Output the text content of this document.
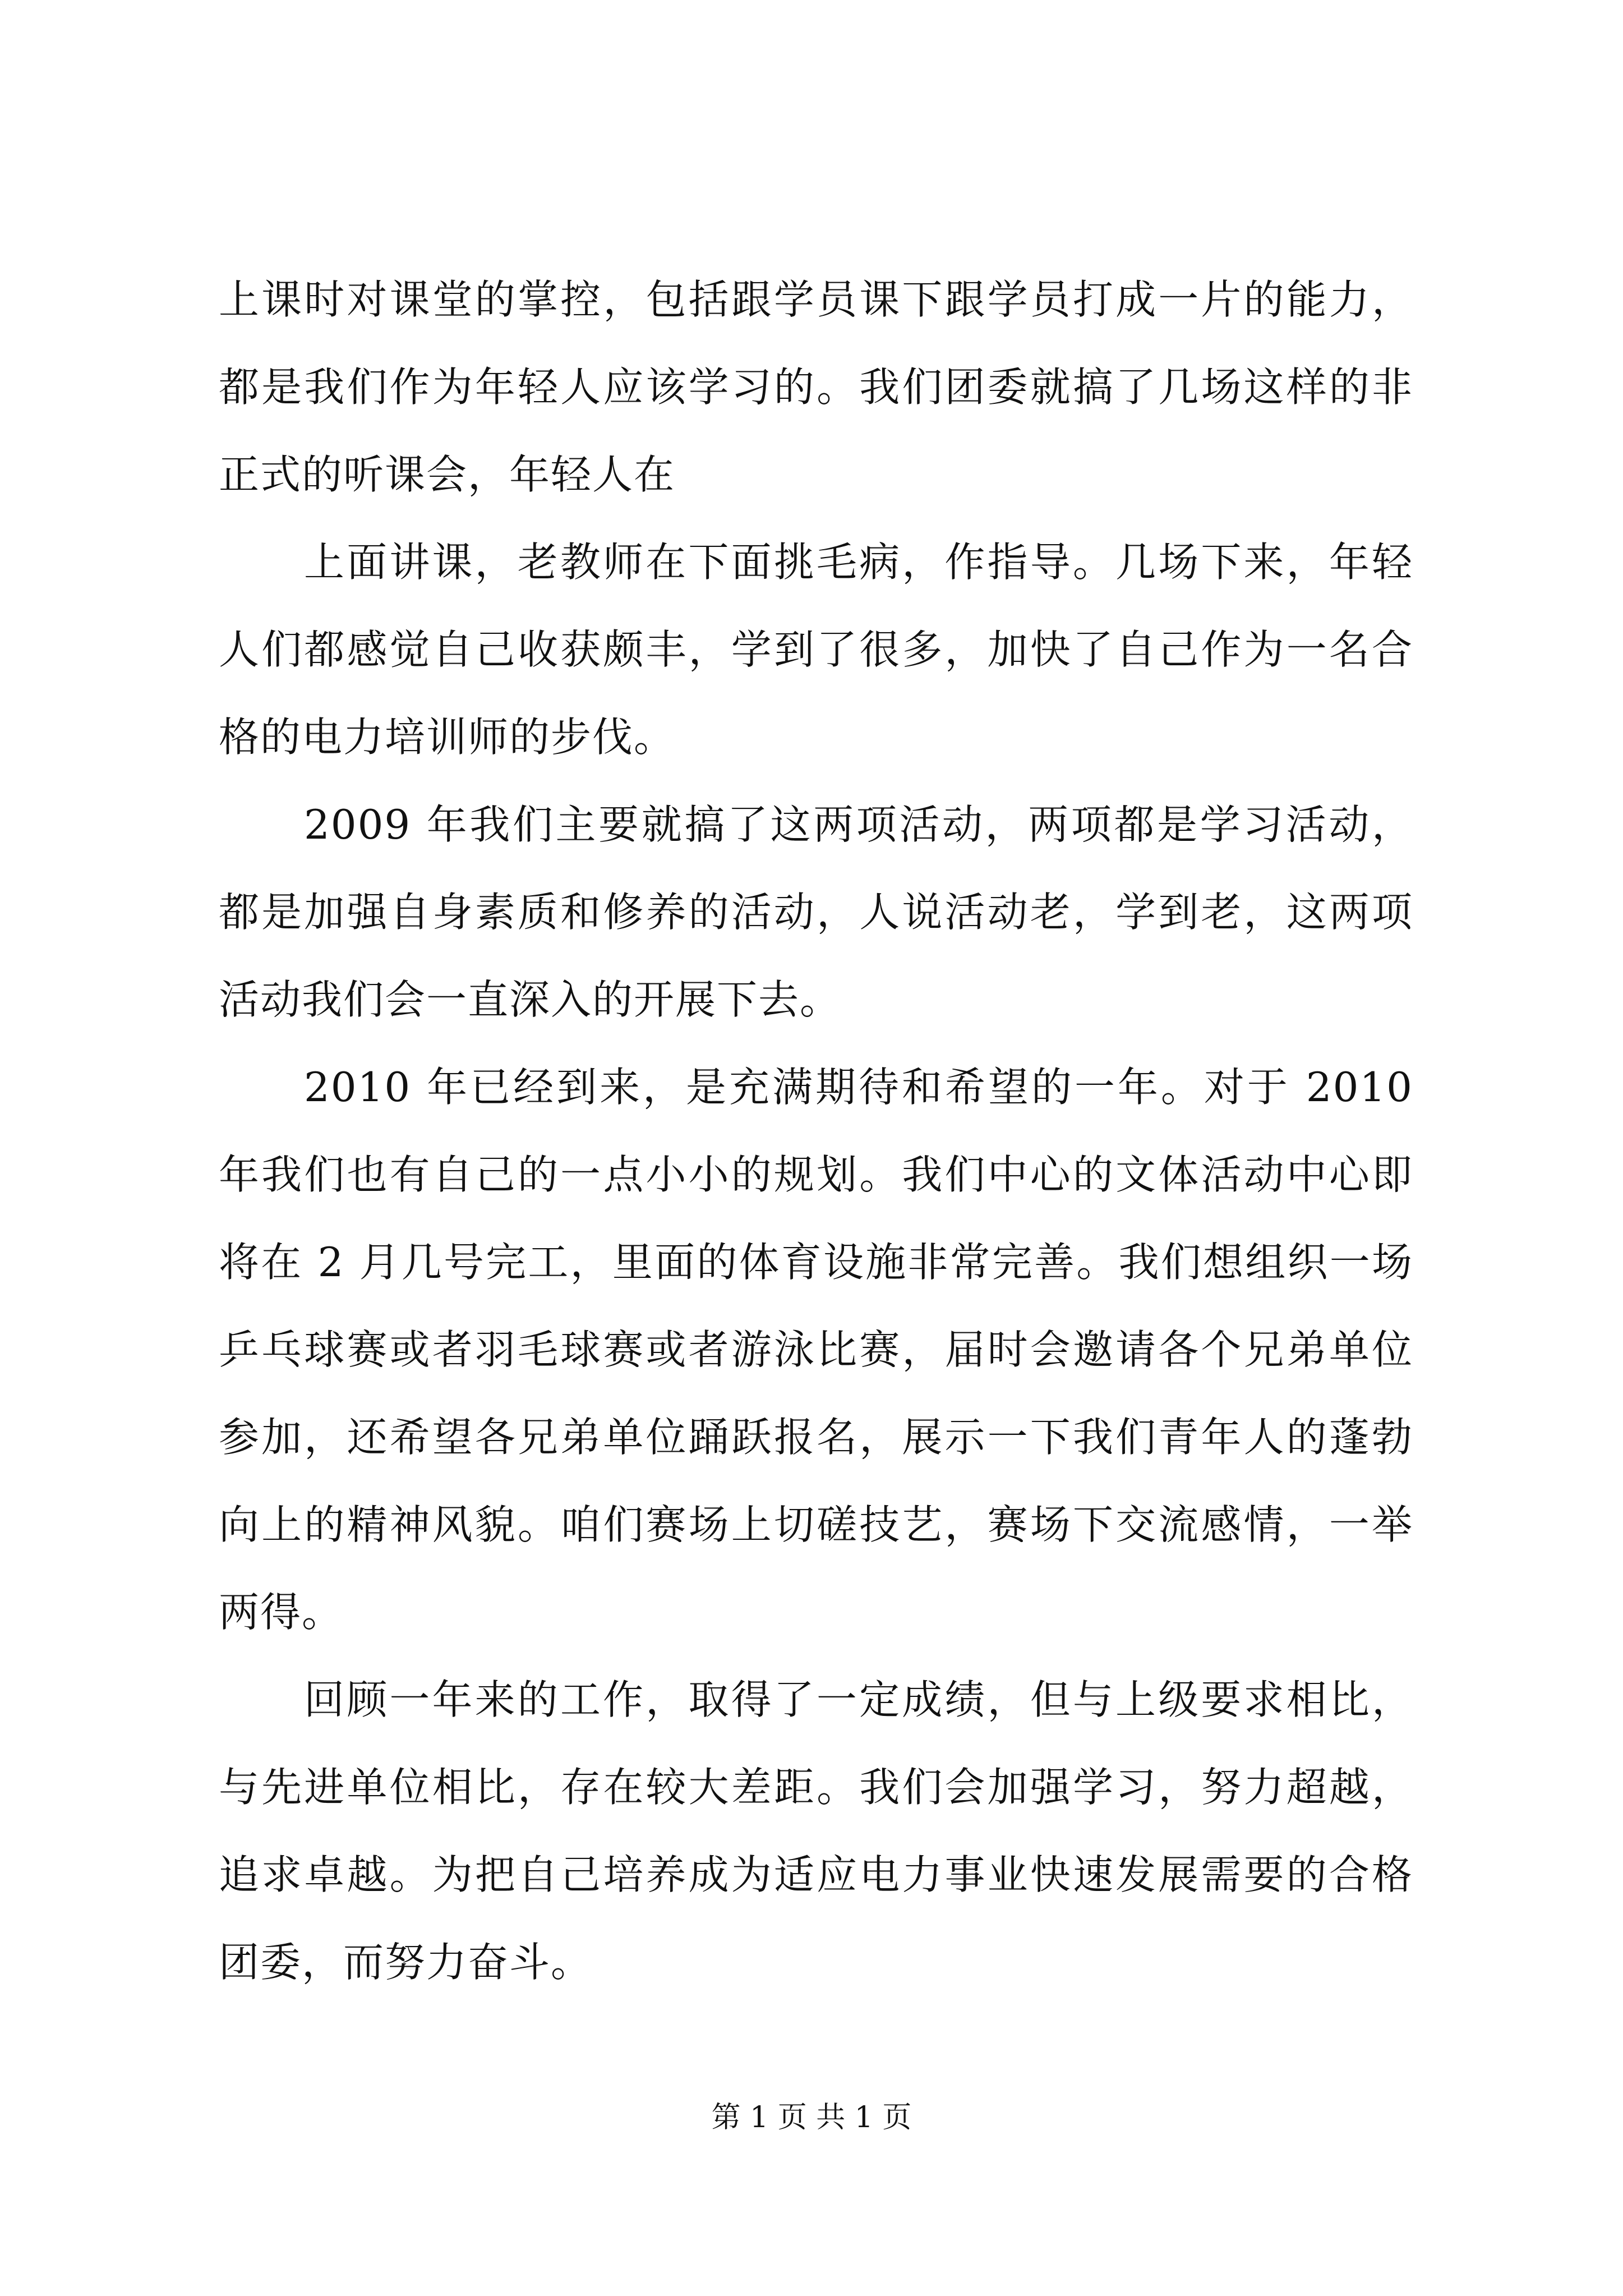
上课时对课堂的掌控，包括跟学员课下跟学员打成一片的能力，都是我们作为年轻人应该学习的。我们团委就搞了几场这样的非正式的听课会，年轻人在

上面讲课，老教师在下面挑毛病，作指导。几场下来，年轻人们都感觉自己收获颇丰，学到了很多，加快了自己作为一名合格的电力培训师的步伐。

2009 年我们主要就搞了这两项活动，两项都是学习活动，都是加强自身素质和修养的活动，人说活动老，学到老，这两项活动我们会一直深入的开展下去。

2010 年已经到来，是充满期待和希望的一年。对于 2010 年我们也有自己的一点小小的规划。我们中心的文体活动中心即将在 2 月几号完工，里面的体育设施非常完善。我们想组织一场乒乓球赛或者羽毛球赛或者游泳比赛，届时会邀请各个兄弟单位参加，还希望各兄弟单位踊跃报名，展示一下我们青年人的蓬勃向上的精神风貌。咱们赛场上切磋技艺，赛场下交流感情，一举两得。

回顾一年来的工作，取得了一定成绩，但与上级要求相比，与先进单位相比，存在较大差距。我们会加强学习，努力超越，追求卓越。为把自己培养成为适应电力事业快速发展需要的合格团委，而努力奋斗。

第 1 页 共 1 页
